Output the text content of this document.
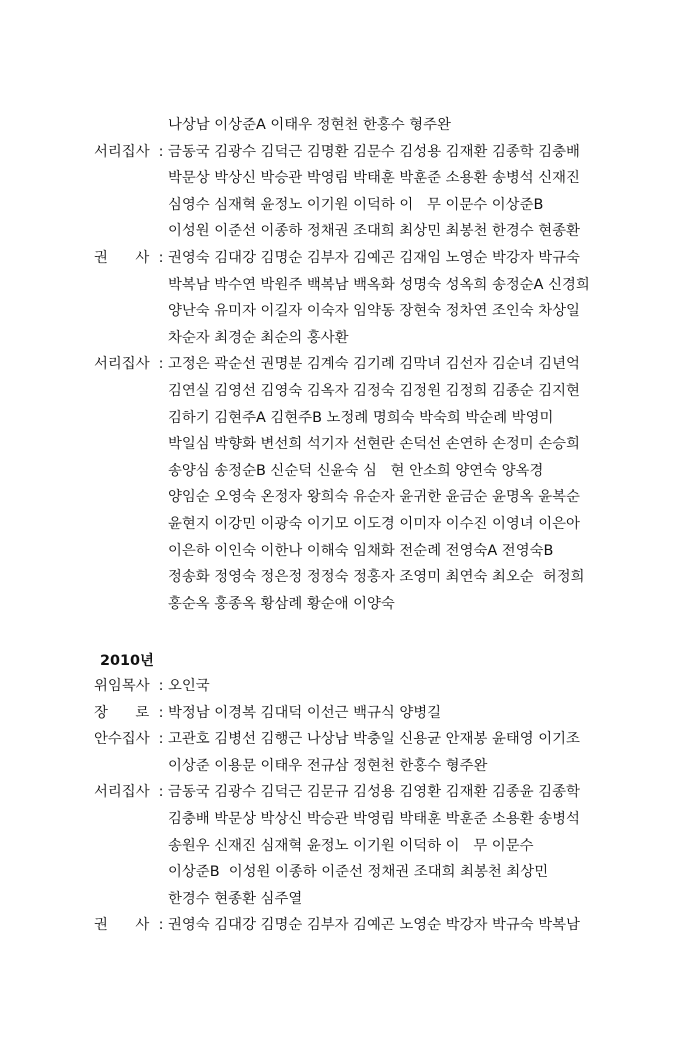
나상남 이상준A 이태우 정현천 한홍수 형주완
서리집사 : 금동국 김광수 김덕근 김명환 김문수 김성용 김재환 김종학 김충배
박문상 박상신 박승관 박영림 박태훈 박훈준 소용환 송병석 신재진
심영수 심재혁 윤정노 이기원 이덕하 이   무 이문수 이상준B
이성원 이준선 이종하 정채권 조대희 최상민 최봉천 한경수 현종환
권      사 : 권영숙 김대강 김명순 김부자 김예곤 김재임 노영순 박강자 박규숙
박복남 박수연 박원주 백복남 백옥화 성명숙 성옥희 송정순A 신경희
양난숙 유미자 이길자 이숙자 임약동 장현숙 정차연 조인숙 차상일
차순자 최경순 최순의 홍사환
서리집사 : 고정은 곽순선 권명분 김계숙 김기례 김막녀 김선자 김순녀 김년억
김연실 김영선 김영숙 김옥자 김정숙 김정원 김정희 김종순 김지현
김하기 김현주A 김현주B 노정례 명희숙 박숙희 박순례 박영미
박일심 박향화 변선희 석기자 선현란 손덕선 손연하 손정미 손승희
송양심 송정순B 신순덕 신윤숙 심   현 안소희 양연숙 양옥경
양임순 오영숙 온정자 왕희숙 유순자 윤귀한 윤금순 윤명옥 윤복순
윤현지 이강민 이광숙 이기모 이도경 이미자 이수진 이영녀 이은아
이은하 이인숙 이한나 이해숙 임채화 전순례 전영숙A 전영숙B
정송화 정영숙 정은정 정정숙 정홍자 조영미 최연숙 최오순  허정희
홍순옥 홍종옥 황삼례 황순애 이양숙
2010년
위임목사 : 오인국
장      로 : 박정남 이경복 김대덕 이선근 백규식 양병길
안수집사 : 고관호 김병선 김행근 나상남 박충일 신용균 안재봉 윤태영 이기조
이상준 이용문 이태우 전규삼 정현천 한홍수 형주완
서리집사 : 금동국 김광수 김덕근 김문규 김성용 김영환 김재환 김종윤 김종학
김충배 박문상 박상신 박승관 박영림 박태훈 박훈준 소용환 송병석
송원우 신재진 심재혁 윤정노 이기원 이덕하 이   무 이문수
이상준B  이성원 이종하 이준선 정채권 조대희 최봉천 최상민
한경수 현종환 심주열
권      사 : 권영숙 김대강 김명순 김부자 김예곤 노영순 박강자 박규숙 박복남
